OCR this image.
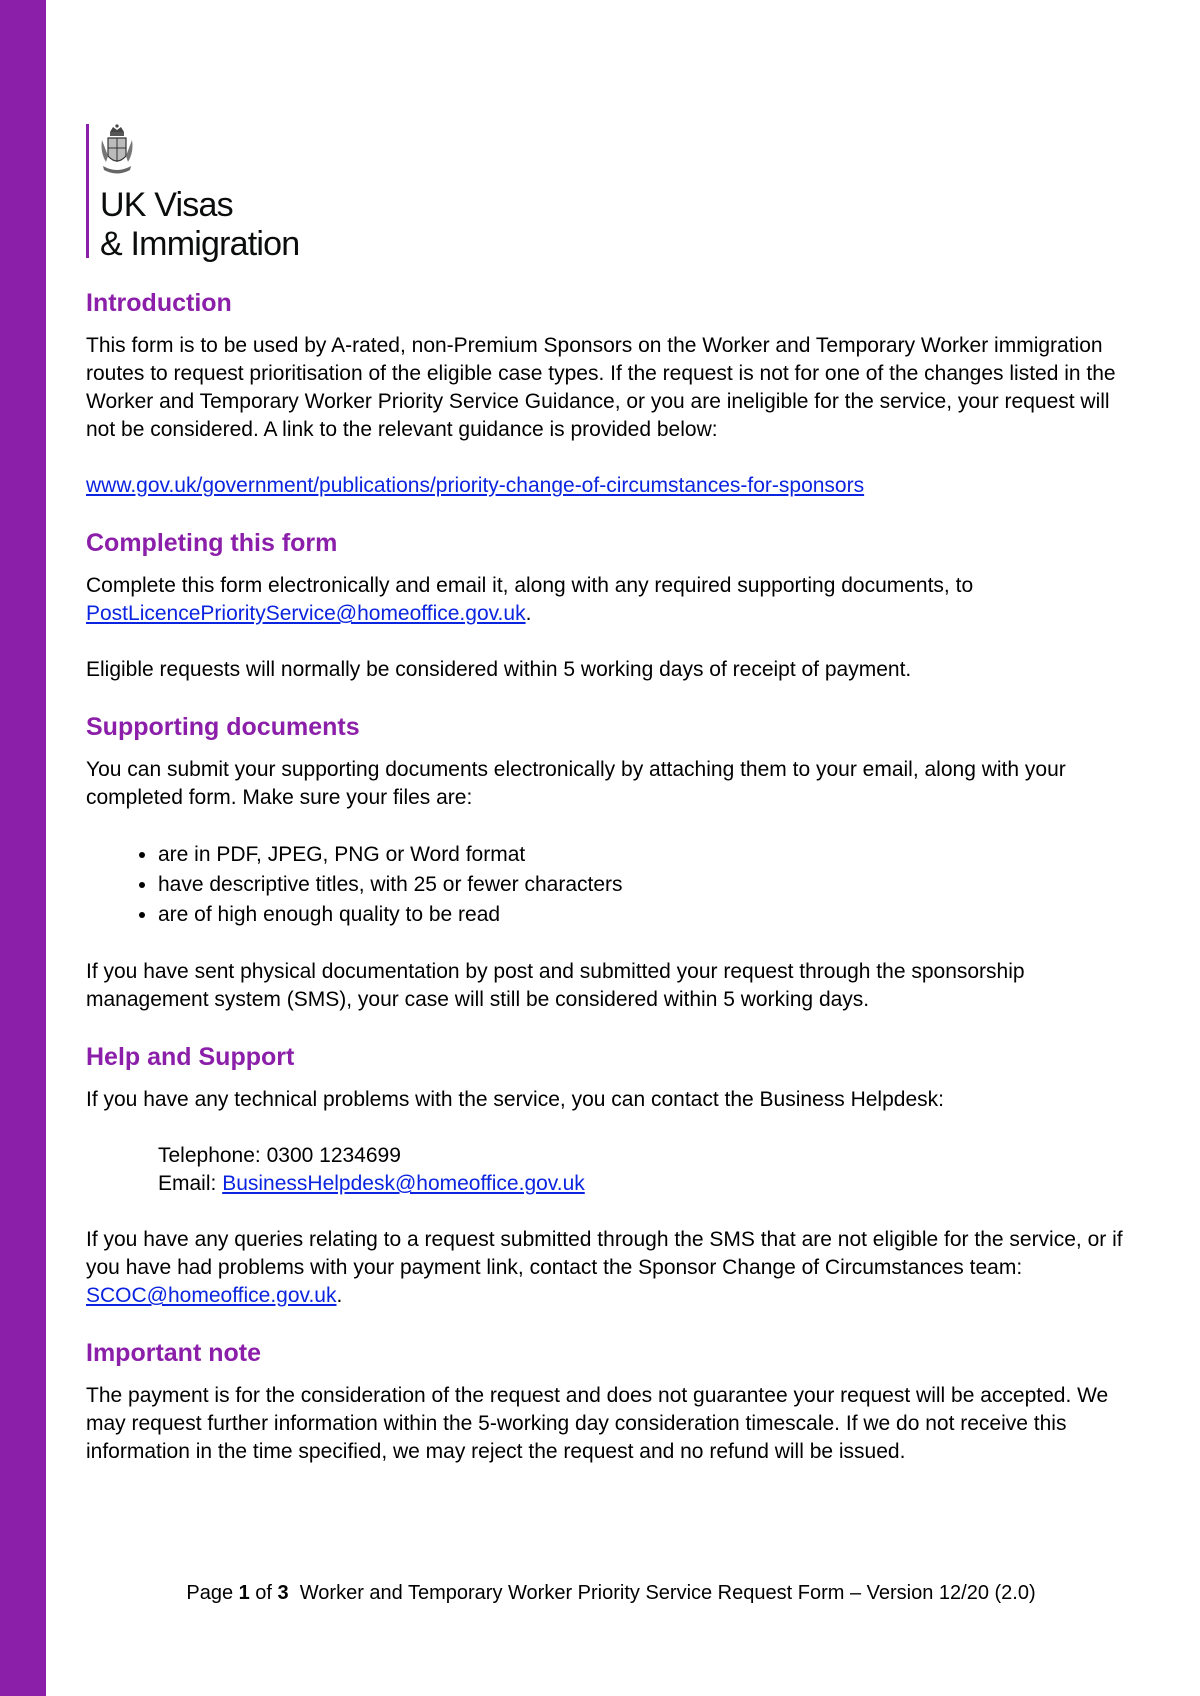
UK Visas
& Immigration
Introduction

This form is to be used by A-rated, non-Premium Sponsors on the Worker and Temporary Worker immigration routes to request prioritisation of the eligible case types. If the request is not for one of the changes listed in the Worker and Temporary Worker Priority Service Guidance, or you are ineligible for the service, your request will not be considered. A link to the relevant guidance is provided below:

www.gov.uk/government/publications/priority-change-of-circumstances-for-sponsors

Completing this form

Complete this form electronically and email it, along with any required supporting documents, to PostLicencePriorityService@homeoffice.gov.uk.

Eligible requests will normally be considered within 5 working days of receipt of payment.

Supporting documents

You can submit your supporting documents electronically by attaching them to your email, along with your completed form. Make sure your files are:

• are in PDF, JPEG, PNG or Word format
• have descriptive titles, with 25 or fewer characters
• are of high enough quality to be read

If you have sent physical documentation by post and submitted your request through the sponsorship management system (SMS), your case will still be considered within 5 working days.

Help and Support

If you have any technical problems with the service, you can contact the Business Helpdesk:

Telephone: 0300 1234699
Email: BusinessHelpdesk@homeoffice.gov.uk

If you have any queries relating to a request submitted through the SMS that are not eligible for the service, or if you have had problems with your payment link, contact the Sponsor Change of Circumstances team: SCOC@homeoffice.gov.uk.

Important note

The payment is for the consideration of the request and does not guarantee your request will be accepted. We may request further information within the 5-working day consideration timescale. If we do not receive this information in the time specified, we may reject the request and no refund will be issued.

Page 1 of 3  Worker and Temporary Worker Priority Service Request Form – Version 12/20 (2.0)
